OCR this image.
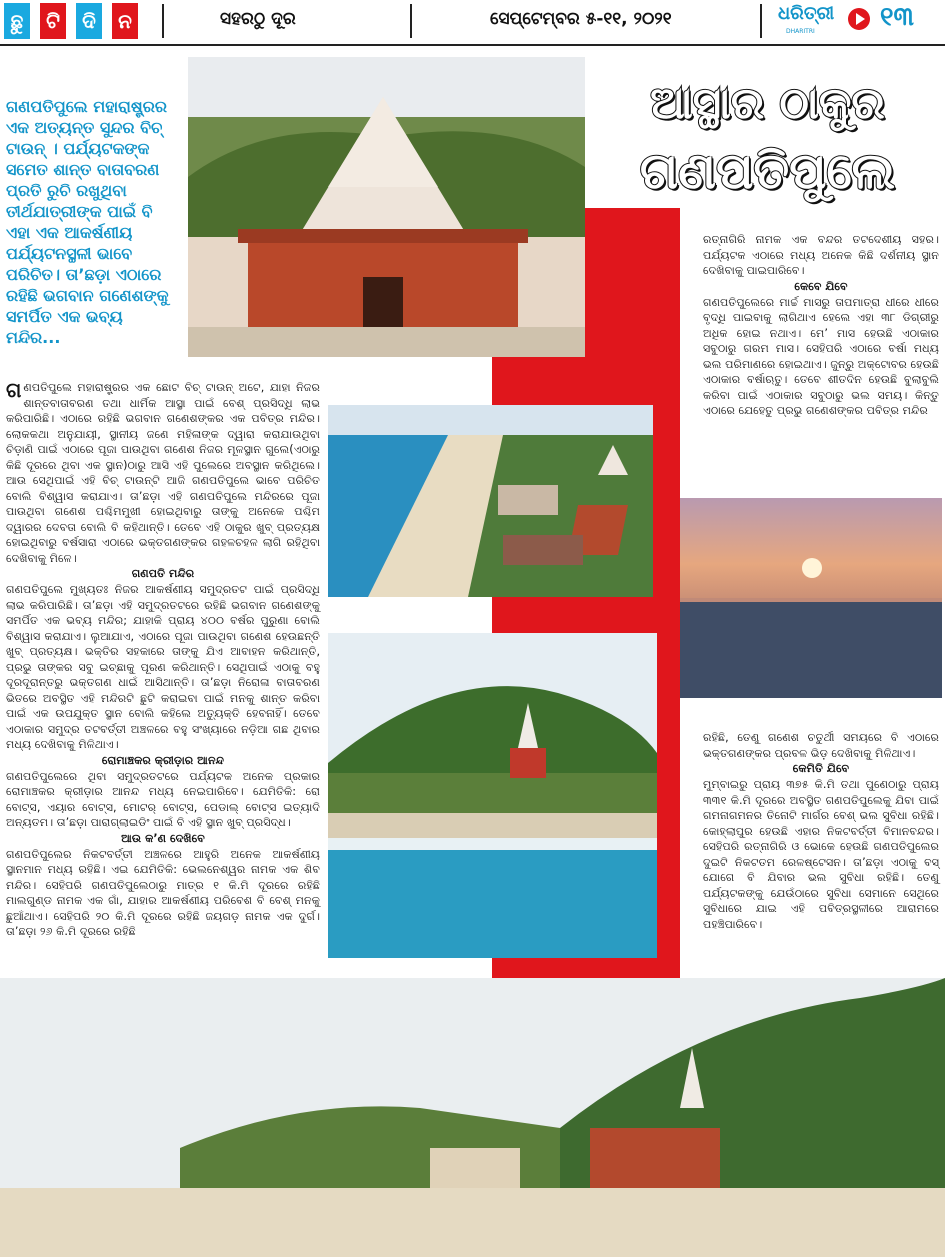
ଛୁ	ଟି	ଦି	ନ	ସହରଠୁ ଦୂର	ସେପ୍ଟେମ୍ବର ୫-୧୧, ୨୦୨୧	ଧରିତ୍ରୀ
DHARITRI	୧୩
ଆସ୍ଥାର ଠାକୁର
ଗଣପତିପୁଲେ
ଗଣପତିପୁଲେ ମହାରାଷ୍ଟ୍ରର ଏକ ଅତ୍ୟନ୍ତ ସୁନ୍ଦର ବିଚ୍ ଟାଉନ୍ । ପର୍ଯ୍ୟଟକଙ୍କ ସମେତ ଶାନ୍ତ ବାତାବରଣ ପ୍ରତି ରୁଚି ରଖୁଥିବା ତୀର୍ଥଯାତ୍ରୀଙ୍କ ପାଇଁ ବି ଏହା ଏକ ଆକର୍ଷଣୀୟ ପର୍ଯ୍ୟଟନସ୍ଥଳୀ ଭାବେ ପରିଚିତ। ତା’ଛଡ଼ା ଏଠାରେ ରହିଛି ଭଗବାନ ଗଣେଶଙ୍କୁ ସମର୍ପିତ ଏକ ଭବ୍ୟ ମନ୍ଦିର...
ଗଣପତିପୁଲେ ମହାରାଷ୍ଟ୍ରର ଏକ ଛୋଟ ବିଚ୍ ଟାଉନ୍ ଅଟେ, ଯାହା ନିଜର ଶାନ୍ତବାତାବରଣ ତଥା ଧାର୍ମିକ ଆସ୍ଥା ପାଇଁ ବେଶ୍ ପ୍ରସିଦ୍ଧି ଲାଭ କରିପାରିଛି। ଏଠାରେ ରହିଛି ଭଗବାନ ଗଣେଶଙ୍କର ଏକ ପବିତ୍ର ମନ୍ଦିର। ଲୋକକଥା ଅନୁଯାୟୀ, ସ୍ଥାନୀୟ ଜଣେ ମହିଳାଙ୍କ ଦ୍ୱାରା କରାଯାଉଥିବା ଚିଡ଼ାଣି ପାଇଁ ଏଠାରେ ପୂଜା ପାଉଥିବା ଗଣେଶ ନିଜର ମୂଳସ୍ଥାନ ଗୁଲେ(ଏଠାରୁ କିଛି ଦୂରରେ ଥିବା ଏକ ସ୍ଥାନ)ଠାରୁ ଆସି ଏହି ପୁଲେରେ ଅବସ୍ଥାନ କରିଥିଲେ। ଆଉ ସେଥିପାଇଁ ଏହି ବିଚ୍ ଟାଉନ୍‌ଟି ଆଜି ଗଣପତିପୁଲେ ଭାବେ ପରିଚିତ ବୋଲି ବିଶ୍ୱାସ କରାଯାଏ। ତା’ଛଡ଼ା ଏହି ଗଣପତିପୁଲେ ମନ୍ଦିରରେ ପୂଜା ପାଉଥିବା ଗଣେଶ ପଶ୍ଚିମମୁଖୀ ହୋଇଥିବାରୁ ତାଙ୍କୁ ଅନେକେ ପଶ୍ଚିମ ଦ୍ୱାରର ଦେବତା ବୋଲି ବି କହିଥାନ୍ତି। ତେବେ ଏହି ଠାକୁର ଖୁବ୍ ପ୍ରତ୍ୟକ୍ଷ ହୋଇଥିବାରୁ ବର୍ଷସାରା ଏଠାରେ ଭକ୍ତଗଣଙ୍କର ଗହଳଚହଳ ଲାଗି ରହିଥିବା ଦେଖିବାକୁ ମିଳେ।
ଗଣପତି ମନ୍ଦିର
ଗଣପତିପୁଲେ ମୁଖ୍ୟତଃ ନିଜର ଆକର୍ଷଣୀୟ ସମୁଦ୍ରତଟ ପାଇଁ ପ୍ରସିଦ୍ଧି ଲାଭ କରିପାରିଛି। ତା’ଛଡ଼ା ଏହି ସମୁଦ୍ରତଟରେ ରହିଛି ଭଗବାନ ଗଣେଶଙ୍କୁ ସମର୍ପିତ ଏକ ଭବ୍ୟ ମନ୍ଦିର; ଯାହାକି ପ୍ରାୟ ୪୦୦ ବର୍ଷର ପୁରୁଣା ବୋଲି ବିଶ୍ୱାସ କରାଯାଏ। ଲୁଆଯାଏ, ଏଠାରେ ପୂଜା ପାଉଥିବା ଗଣେଶ ହେଉଛନ୍ତି ଖୁବ୍ ପ୍ରତ୍ୟକ୍ଷ। ଭକ୍ତିର ସହକାରେ ତାଙ୍କୁ ଯିଏ ଆବାହନ କରିଥାନ୍ତି, ପ୍ରଭୁ ତାଙ୍କର ସବୁ ଇଚ୍ଛାକୁ ପୂରଣ କରିଥାନ୍ତି। ସେଥିପାଇଁ ଏଠାକୁ ବହୁ ଦୂରଦୂରାନ୍ତରୁ ଭକ୍ତଗଣ ଧାଇଁ ଆସିଥାନ୍ତି। ତା’ଛଡ଼ା ନିରୋଳା ବାତାବରଣ ଭିତରେ ଅବସ୍ଥିତ ଏହି ମନ୍ଦିରଟି ଛୁଟି କରାଇବା ପାଇଁ ମନକୁ ଶାନ୍ତ କରିବା ପାଇଁ ଏକ ଉପଯୁକ୍ତ ସ୍ଥାନ ବୋଲି କହିଲେ ଅତ୍ୟୁକ୍ତି ହେବନାହିଁ। ତେବେ ଏଠାକାର ସମୁଦ୍ର ତଟବର୍ତ୍ତୀ ଅଞ୍ଚଳରେ ବହୁ ସଂଖ୍ୟାରେ ନଡ଼ିଆ ଗଛ ଥିବାର ମଧ୍ୟ ଦେଖିବାକୁ ମିଳିଥାଏ।
ରୋମାଞ୍ଚକର କ୍ରୀଡ଼ାର ଆନନ୍ଦ
ଗଣପତିପୁଲେରେ ଥିବା ସମୁଦ୍ରତଟରେ ପର୍ଯ୍ୟଟକ ଅନେକ ପ୍ରକାର ରୋମାଞ୍ଚକର କ୍ରୀଡ଼ାର ଆନନ୍ଦ ମଧ୍ୟ ନେଇପାରିବେ। ଯେମିତିକି: ରୋ ବୋଟ୍ସ, ଏୟାର ବୋଟ୍ସ, ମୋଟର୍ ବୋଟ୍ସ, ପେଡାଲ୍ ବୋଟ୍ସ ଇତ୍ୟାଦି ଅନ୍ୟତମ। ତା’ଛଡ଼ା ପାରାଗ୍ଲାଇଡିଂ ପାଇଁ ବି ଏହି ସ୍ଥାନ ଖୁବ୍ ପ୍ରସିଦ୍ଧ।
ଆଉ କ’ଣ ଦେଖିବେ
ଗଣପତିପୁଲେର ନିକଟବର୍ତ୍ତୀ ଅଞ୍ଚଳରେ ଆହୁରି ଅନେକ ଆକର୍ଷଣୀୟ ସ୍ଥାନମାନ ମଧ୍ୟ ରହିଛି। ଏଇ ଯେମିତିକି: ଭେଲନେଶ୍ୱର ନାମକ ଏକ ଶିବ ମନ୍ଦିର। ସେହିପରି ଗଣପତିପୁଲେଠାରୁ ମାତ୍ର ୧ କି.ମି ଦୂରରେ ରହିଛି ମାଲଗୁଣ୍ଡ ନାମକ ଏକ ଗାଁ, ଯାହାର ଆକର୍ଷଣୀୟ ପରିବେଶ ବି ବେଶ୍ ମନକୁ ଛୁଆଁଥାଏ। ସେହିପରି ୨୦ କି.ମି ଦୂରରେ ରହିଛି ଜୟଗଡ଼ ନାମକ ଏକ ଦୁର୍ଗ। ତା’ଛଡ଼ା ୨୬ କି.ମି ଦୂରରେ ରହିଛି
ରତ୍ନାଗିରି ନାମକ ଏକ ବନ୍ଦର ତଟଦେଶୀୟ ସହର। ପର୍ଯ୍ୟଟକ ଏଠାରେ ମଧ୍ୟ ଅନେକ କିଛି ଦର୍ଶନୀୟ ସ୍ଥାନ ଦେଖିବାକୁ ପାଇପାରିବେ।
କେବେ ଯିବେ
ଗଣପତିପୁଲେରେ ମାର୍ଚ୍ଚ ମାସରୁ ତାପମାତ୍ରା ଧୀରେ ଧୀରେ ବୃଦ୍ଧି ପାଇବାକୁ ଲାଗିଥାଏ ହେଲେ ଏହା ୩୮ ଡିଗ୍ରୀରୁ ଅଧିକ ହୋଇ ନଥାଏ। ମେ’ ମାସ ହେଉଛି ଏଠାକାର ସବୁଠାରୁ ଗରମ ମାସ। ସେହିପରି ଏଠାରେ ବର୍ଷା ମଧ୍ୟ ଭଲ ପରିମାଣରେ ହୋଇଥାଏ। ଜୁନ୍‌ରୁ ଅକ୍ଟୋବର ହେଉଛି ଏଠାକାର ବର୍ଷାଋତୁ। ତେବେ ଶୀତଦିନ ହେଉଛି ବୁଲାବୁଲି କରିବା ପାଇଁ ଏଠାକାର ସବୁଠାରୁ ଭଲ ସମୟ। କିନ୍ତୁ ଏଠାରେ ଯେହେତୁ ପ୍ରଭୁ ଗଣେଶଙ୍କର ପବିତ୍ର ମନ୍ଦିର
ରହିଛି, ତେଣୁ ଗଣେଶ ଚତୁର୍ଥୀ ସମୟରେ ବି ଏଠାରେ ଭକ୍ତଗଣଙ୍କର ପ୍ରବଳ ଭିଡ଼ ଦେଖିବାକୁ ମିଳିଥାଏ।
କେମିତି ଯିବେ
ମୁମ୍ବାଇରୁ ପ୍ରାୟ ୩୭୫ କି.ମି ତଥା ପୁଣେଠାରୁ ପ୍ରାୟ ୩୩୧ କି.ମି ଦୂରରେ ଅବସ୍ଥିତ ଗଣପତିପୁଲେକୁ ଯିବା ପାଇଁ ଗମନାଗମନର ତିନୋଟି ମାର୍ଗର ବେଶ୍ ଭଲ ସୁବିଧା ରହିଛି। କୋହ୍ଲାପୁର ହେଉଛି ଏହାର ନିକଟବର୍ତ୍ତୀ ବିମାନବନ୍ଦର। ସେହିପରି ରତ୍ନାଗିରି ଓ ଭୋକେ ହେଉଛି ଗଣପତିପୁଲେର ଦୁଇଟି ନିକଟତମ ରେଳଷ୍ଟେସନ। ତା’ଛଡ଼ା ଏଠାକୁ ବସ୍ ଯୋଗେ ବି ଯିବାର ଭଲ ସୁବିଧା ରହିଛି। ତେଣୁ ପର୍ଯ୍ୟଟକଙ୍କୁ ଯେଉଁଠାରେ ସୁବିଧା ସେମାନେ ସେଥିରେ ସୁବିଧାରେ ଯାଇ ଏହି ପବିତ୍ରସ୍ଥଳୀରେ ଆରାମରେ ପହଞ୍ଚିପାରିବେ।
